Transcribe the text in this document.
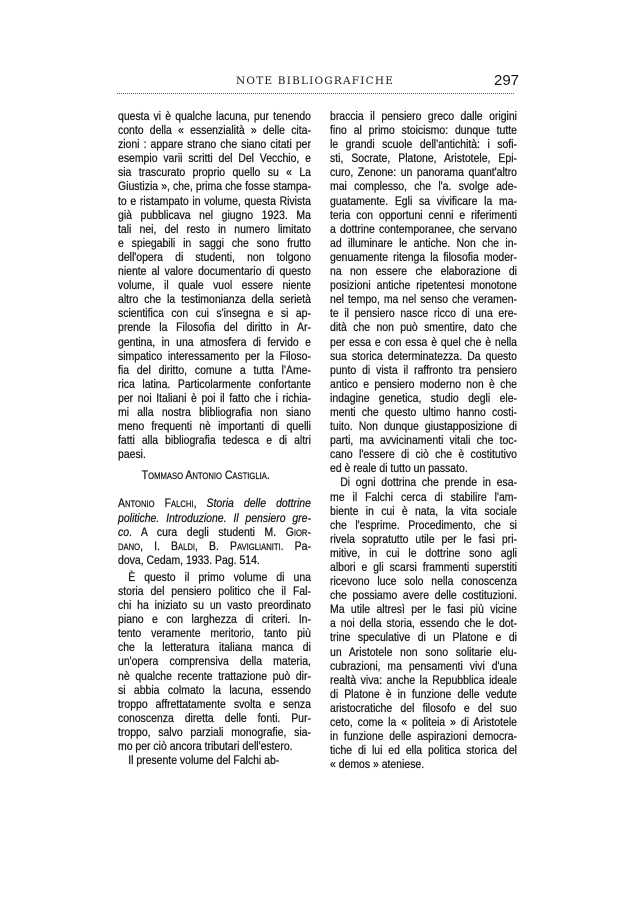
NOTE BIBLIOGRAFICHE	297
questa vi è qualche lacuna, pur tenendo
conto della « essenzialità » delle cita-
zioni : appare strano che siano citati per
esempio varii scritti del Del Vecchio, e
sia trascurato proprio quello su « La
Giustizia », che, prima che fosse stampa-
to e ristampato in volume, questa Rivista
già pubblicava nel giugno 1923. Ma
tali nei, del resto in numero limitato
e spiegabili in saggi che sono frutto
dell'opera di studenti, non tolgono
niente al valore documentario di questo
volume, il quale vuol essere niente
altro che la testimonianza della serietà
scientifica con cui s'insegna e si ap-
prende la Filosofia del diritto in Ar-
gentina, in una atmosfera di fervido e
simpatico interessamento per la Filoso-
fia del diritto, comune a tutta l'Ame-
rica latina. Particolarmente confortante
per noi Italiani è poi il fatto che i richia-
mi alla nostra blibliografia non siano
meno frequenti nè importanti di quelli
fatti alla bibliografia tedesca e di altri
paesi.
Tommaso Antonio Castiglia.
Antonio Falchi, Storia delle dottrine
politiche. Introduzione. Il pensiero gre-
co. A cura degli studenti M. Gior-
dano, I. Baldi, B. Paviglianiti. Pa-
dova, Cedam, 1933. Pag. 514.
È questo il primo volume di una
storia del pensiero politico che il Fal-
chi ha iniziato su un vasto preordinato
piano e con larghezza di criteri. In-
tento veramente meritorio, tanto più
che la letteratura italiana manca di
un'opera comprensiva della materia,
nè qualche recente trattazione può dir-
si abbia colmato la lacuna, essendo
troppo affrettatamente svolta e senza
conoscenza diretta delle fonti. Pur-
troppo, salvo parziali monografie, sia-
mo per ciò ancora tributari dell'estero.
Il presente volume del Falchi ab-
braccia il pensiero greco dalle origini
fino al primo stoicismo: dunque tutte
le grandi scuole dell'antichità: i sofi-
sti, Socrate, Platone, Aristotele, Epi-
curo, Zenone: un panorama quant'altro
mai complesso, che l'a. svolge ade-
guatamente. Egli sa vivificare la ma-
teria con opportuni cenni e riferimenti
a dottrine contemporanee, che servano
ad illuminare le antiche. Non che in-
genuamente ritenga la filosofia moder-
na non essere che elaborazione di
posizioni antiche ripetentesi monotone
nel tempo, ma nel senso che veramen-
te il pensiero nasce ricco di una ere-
dità che non può smentire, dato che
per essa e con essa è quel che è nella
sua storica determinatezza. Da questo
punto di vista il raffronto tra pensiero
antico e pensiero moderno non è che
indagine genetica, studio degli ele-
menti che questo ultimo hanno costi-
tuito. Non dunque giustapposizione di
parti, ma avvicinamenti vitali che toc-
cano l'essere di ciò che è costitutivo
ed è reale di tutto un passato.
Di ogni dottrina che prende in esa-
me il Falchi cerca di stabilire l'am-
biente in cui è nata, la vita sociale
che l'esprime. Procedimento, che si
rivela sopratutto utile per le fasi pri-
mitive, in cui le dottrine sono agli
albori e gli scarsi frammenti superstiti
ricevono luce solo nella conoscenza
che possiamo avere delle costituzioni.
Ma utile altresì per le fasi più vicine
a noi della storia, essendo che le dot-
trine speculative di un Platone e di
un Aristotele non sono solitarie elu-
cubrazioni, ma pensamenti vivi d'una
realtà viva: anche la Repubblica ideale
di Platone è in funzione delle vedute
aristocratiche del filosofo e del suo
ceto, come la « politeia » di Aristotele
in funzione delle aspirazioni democra-
tiche di lui ed ella politica storica del
« demos » ateniese.
